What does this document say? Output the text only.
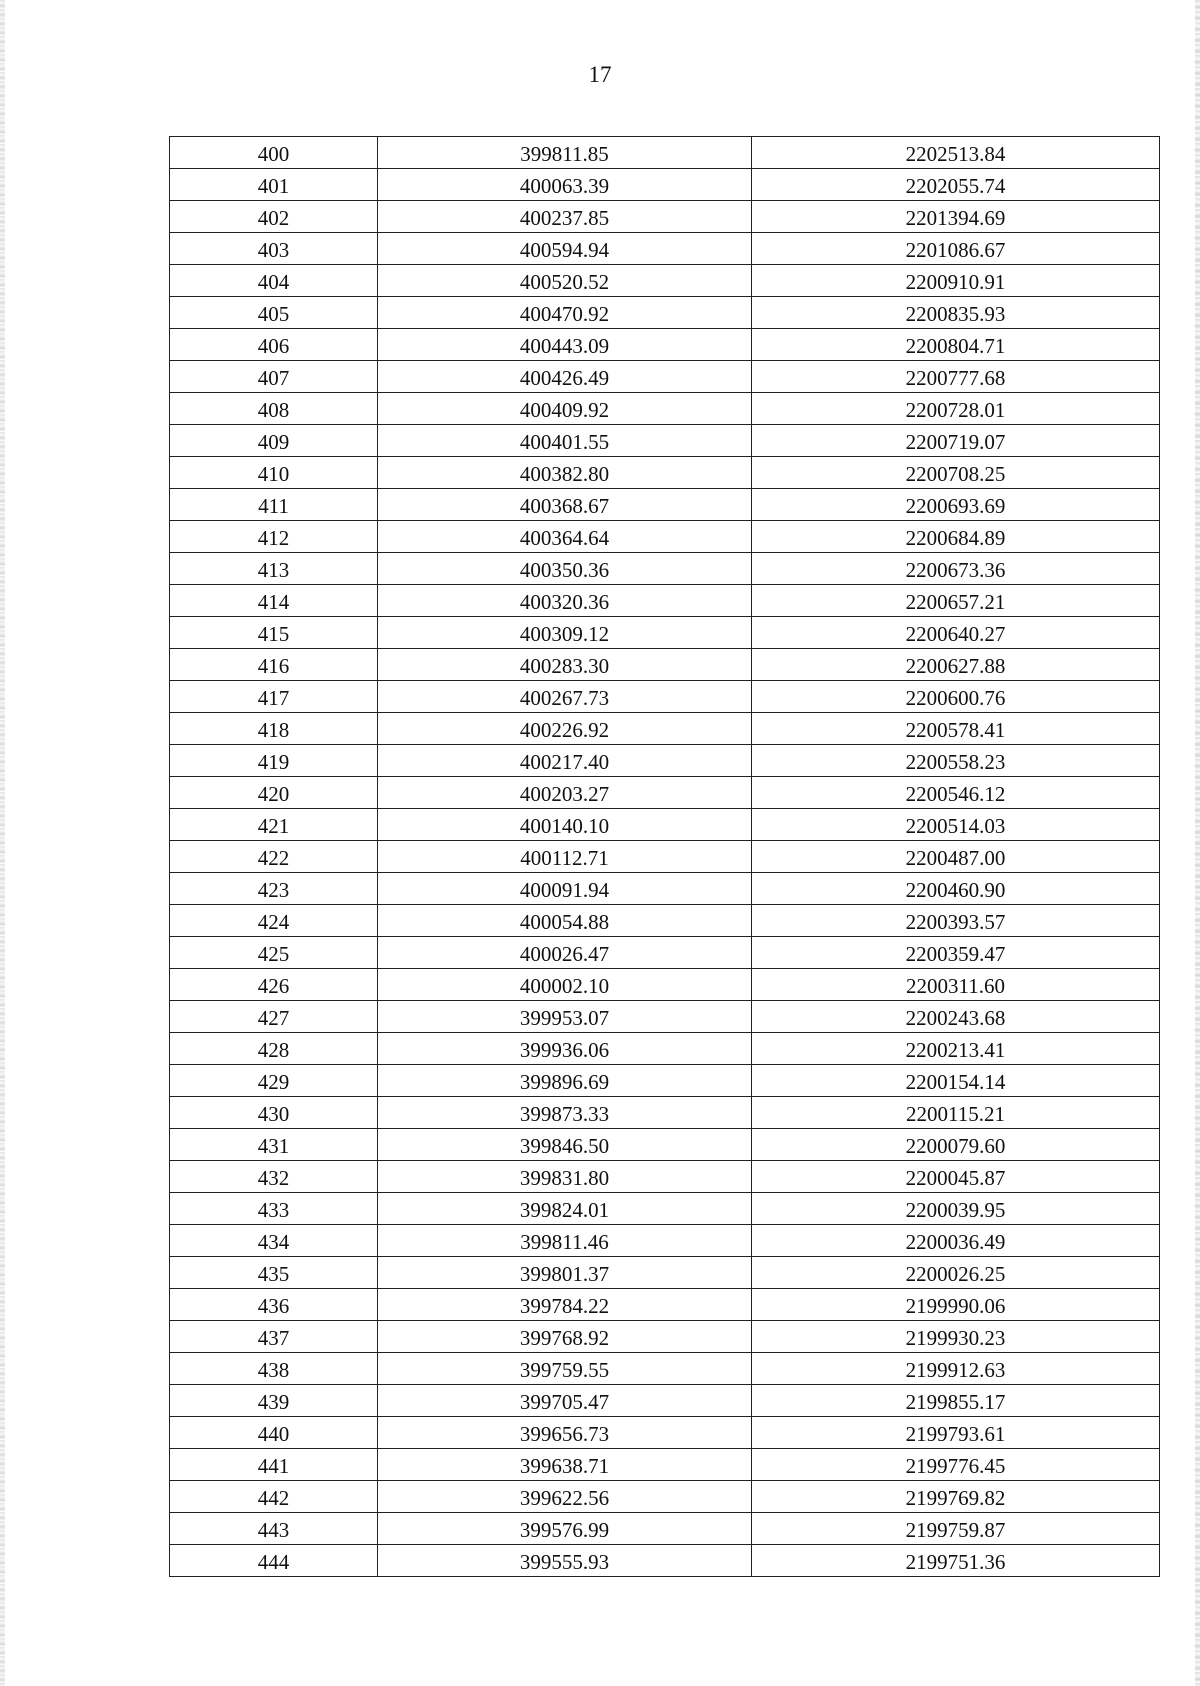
17
400	399811.85	2202513.84
401	400063.39	2202055.74
402	400237.85	2201394.69
403	400594.94	2201086.67
404	400520.52	2200910.91
405	400470.92	2200835.93
406	400443.09	2200804.71
407	400426.49	2200777.68
408	400409.92	2200728.01
409	400401.55	2200719.07
410	400382.80	2200708.25
411	400368.67	2200693.69
412	400364.64	2200684.89
413	400350.36	2200673.36
414	400320.36	2200657.21
415	400309.12	2200640.27
416	400283.30	2200627.88
417	400267.73	2200600.76
418	400226.92	2200578.41
419	400217.40	2200558.23
420	400203.27	2200546.12
421	400140.10	2200514.03
422	400112.71	2200487.00
423	400091.94	2200460.90
424	400054.88	2200393.57
425	400026.47	2200359.47
426	400002.10	2200311.60
427	399953.07	2200243.68
428	399936.06	2200213.41
429	399896.69	2200154.14
430	399873.33	2200115.21
431	399846.50	2200079.60
432	399831.80	2200045.87
433	399824.01	2200039.95
434	399811.46	2200036.49
435	399801.37	2200026.25
436	399784.22	2199990.06
437	399768.92	2199930.23
438	399759.55	2199912.63
439	399705.47	2199855.17
440	399656.73	2199793.61
441	399638.71	2199776.45
442	399622.56	2199769.82
443	399576.99	2199759.87
444	399555.93	2199751.36
